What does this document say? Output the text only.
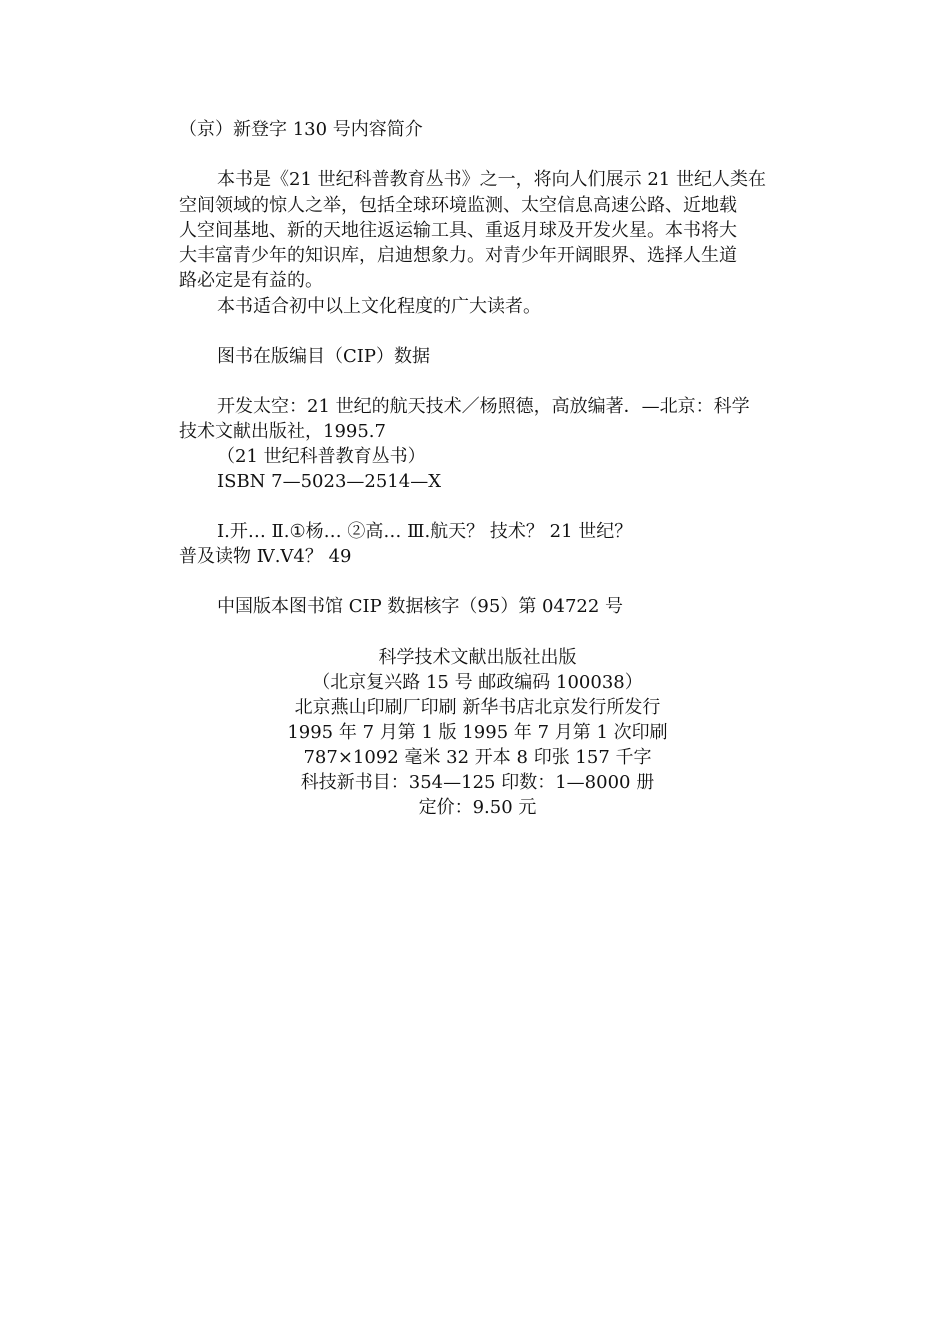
（京）新登字 130 号内容简介
本书是《21 世纪科普教育丛书》之一，将向人们展示 21 世纪人类在
空间领域的惊人之举，包括全球环境监测、太空信息高速公路、近地载
人空间基地、新的天地往返运输工具、重返月球及开发火星。本书将大
大丰富青少年的知识库，启迪想象力。对青少年开阔眼界、选择人生道
路必定是有益的。
本书适合初中以上文化程度的广大读者。
图书在版编目（CIP）数据
开发太空：21 世纪的航天技术／杨照德，高放编著．—北京：科学
技术文献出版社，1995.7
（21 世纪科普教育丛书）
ISBN 7—5023—2514—X
Ⅰ.开… Ⅱ.①杨… ②高… Ⅲ.航天？ 技术？ 21 世纪？
普及读物 Ⅳ.V4？ 49
中国版本图书馆 CIP 数据核字（95）第 04722 号
科学技术文献出版社出版
（北京复兴路 15 号 邮政编码 100038）
北京燕山印刷厂印刷 新华书店北京发行所发行
1995 年 7 月第 1 版 1995 年 7 月第 1 次印刷
787×1092 毫米 32 开本 8 印张 157 千字
科技新书目：354—125 印数：1—8000 册
定价：9.50 元
